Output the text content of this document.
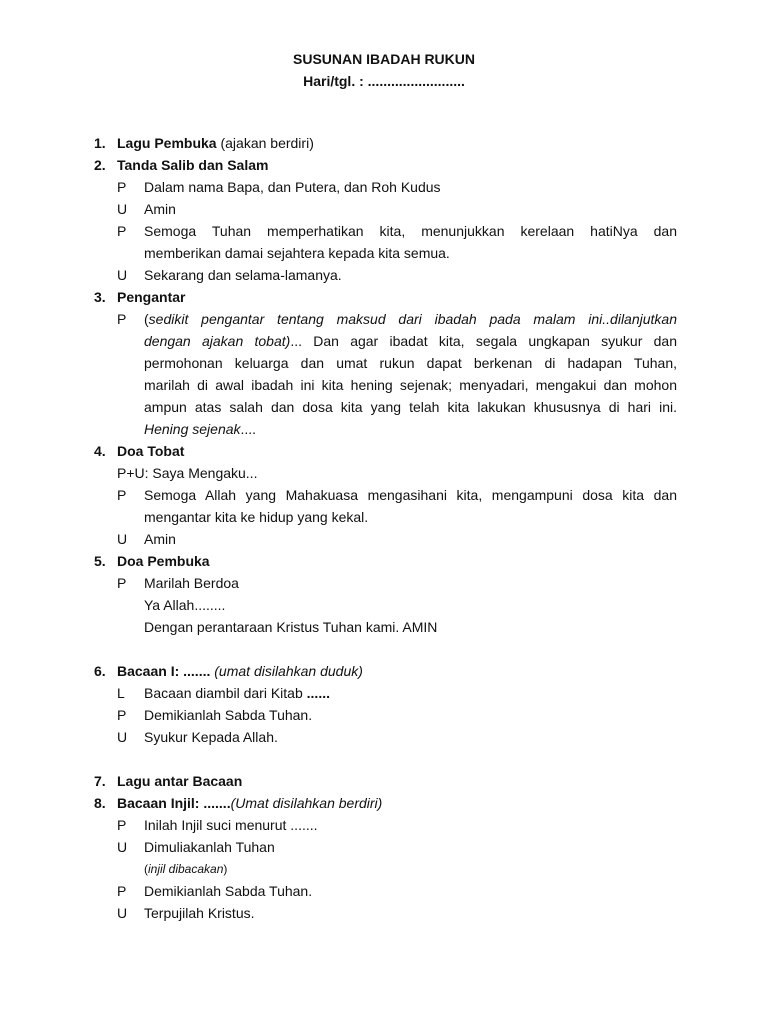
SUSUNAN IBADAH RUKUN
Hari/tgl. : .........................
1. Lagu Pembuka (ajakan berdiri)
2. Tanda Salib dan Salam
P Dalam nama Bapa, dan Putera, dan Roh Kudus
U Amin
P Semoga Tuhan memperhatikan kita, menunjukkan kerelaan hatiNya dan
memberikan damai sejahtera kepada kita semua.
U Sekarang dan selama-lamanya.
3. Pengantar
P (sedikit pengantar tentang maksud dari ibadah pada malam ini..dilanjutkan
dengan ajakan tobat)... Dan agar ibadat kita, segala ungkapan syukur dan
permohonan keluarga dan umat rukun dapat berkenan di hadapan Tuhan,
marilah di awal ibadah ini kita hening sejenak; menyadari, mengakui dan mohon
ampun atas salah dan dosa kita yang telah kita lakukan khususnya di hari ini.
Hening sejenak....
4. Doa Tobat
P+U: Saya Mengaku...
P Semoga Allah yang Mahakuasa mengasihani kita, mengampuni dosa kita dan
mengantar kita ke hidup yang kekal.
U Amin
5. Doa Pembuka
P Marilah Berdoa
Ya Allah........
Dengan perantaraan Kristus Tuhan kami. AMIN
6. Bacaan I: ....... (umat disilahkan duduk)
L Bacaan diambil dari Kitab ......
P Demikianlah Sabda Tuhan.
U Syukur Kepada Allah.
7. Lagu antar Bacaan
8. Bacaan Injil: .......(Umat disilahkan berdiri)
P Inilah Injil suci menurut .......
U Dimuliakanlah Tuhan
(injil dibacakan)
P Demikianlah Sabda Tuhan.
U Terpujilah Kristus.
